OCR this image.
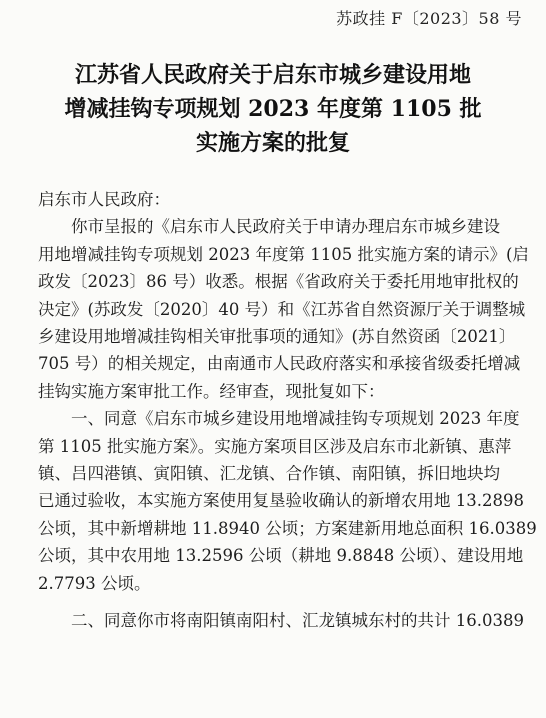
苏政挂 F〔2023〕58 号
江苏省人民政府关于启东市城乡建设用地
增减挂钩专项规划 2023 年度第 1105 批
实施方案的批复
启东市人民政府：
你市呈报的《启东市人民政府关于申请办理启东市城乡建设
用地增减挂钩专项规划 2023 年度第 1105 批实施方案的请示》(启
政发〔2023〕86 号）收悉。根据《省政府关于委托用地审批权的
决定》(苏政发〔2020〕40 号）和《江苏省自然资源厅关于调整城
乡建设用地增减挂钩相关审批事项的通知》(苏自然资函〔2021〕
705 号）的相关规定，由南通市人民政府落实和承接省级委托增减
挂钩实施方案审批工作。经审查，现批复如下：
一、同意《启东市城乡建设用地增减挂钩专项规划 2023 年度
第 1105 批实施方案》。实施方案项目区涉及启东市北新镇、惠萍
镇、吕四港镇、寅阳镇、汇龙镇、合作镇、南阳镇，拆旧地块均
已通过验收，本实施方案使用复垦验收确认的新增农用地 13.2898
公顷，其中新增耕地 11.8940 公顷；方案建新用地总面积 16.0389
公顷，其中农用地 13.2596 公顷（耕地 9.8848 公顷）、建设用地
2.7793 公顷。
二、同意你市将南阳镇南阳村、汇龙镇城东村的共计 16.0389
